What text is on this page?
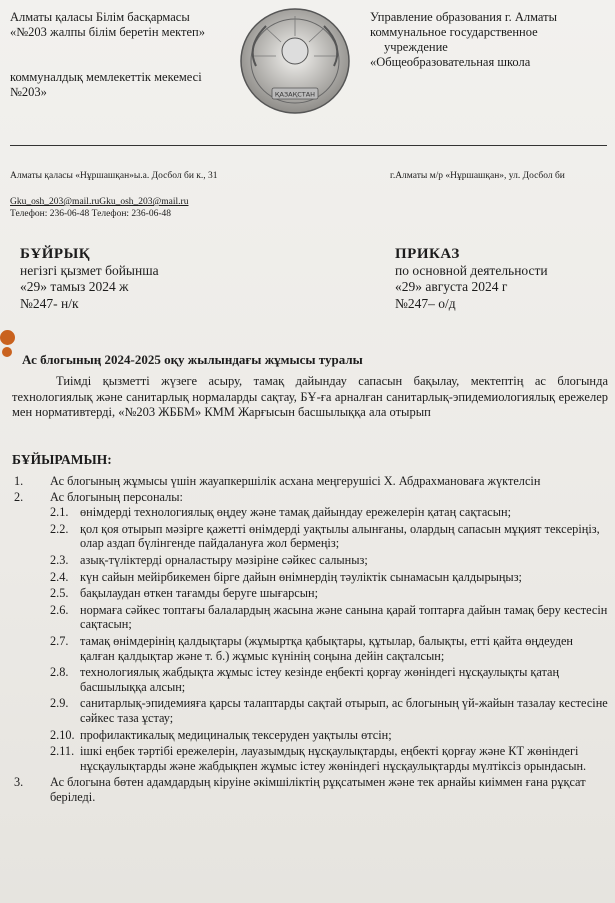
Алматы қаласы Білім басқармасы
«№203 жалпы білім беретін мектеп»
коммуналдық мемлекеттік мекемесі
№203»	ҚАЗАҚСТАН
Управление образования г. Алматы
коммунальное государственное
учреждение
«Общеобразовательная школа
Алматы қаласы «Нұршашқан»ы.а. Досбол би к., 31	г.Алматы м/р «Нұршашқан», ул. Досбол би
Gku_osh_203@mail.ruGku_osh_203@mail.ru
Телефон: 236-06-48 Телефон: 236-06-48
БҰЙРЫҚ
негізгі қызмет бойынша
«29» тамыз 2024 ж
№247- н/к
ПРИКАЗ
по основной деятельности
«29» августа 2024 г
№247– о/д
Ас блогының 2024-2025 оқу жылындағы жұмысы туралы
Тиімді қызметті жүзеге асыру, тамақ дайындау сапасын бақылау, мектептің ас блогында технологиялық және санитарлық нормаларды сақтау, БҰ-ға арналған санитарлық-эпидемиологиялық ережелер мен нормативтерді, «№203 ЖББМ» КММ Жарғысын басшылыққа ала отырып
БҰЙЫРАМЫН:
1.	Ас блогының жұмысы үшін жауапкершілік асхана меңгерушісі Х. Абдрахмановаға жүктелсін
2.	Ас блогының персоналы:
2.1. өнімдерді технологиялық өңдеу және тамақ дайындау ережелерін қатаң сақтасын;
2.2. қол қоя отырып мәзірге қажетті өнімдерді уақтылы алынғаны, олардың сапасын мұқият тексеріңіз, олар аздап бүлінгенде пайдалануға жол бермеңіз;
2.3. азық-түліктерді орналастыру мәзіріне сәйкес салыныз;
2.4. күн сайын мейірбикемен бірге дайын өнімнердің тәуліктік сынамасын қалдырыңыз;
2.5. бақылаудан өткен тағамды беруге шығарсын;
2.6. нормаға сәйкес топтағы балалардың жасына және санына қарай топтарға дайын тамақ беру кестесін сақтасын;
2.7. тамақ өнімдерінің қалдықтары (жұмыртқа қабықтары, құтылар, балықты, етті қайта өңдеуден қалған қалдықтар және т. б.) жұмыс күнінің соңына дейін сақталсын;
2.8. технологиялық жабдықта жұмыс істеу кезінде еңбекті қорғау жөніндегі нұсқаулықты қатаң басшылыққа алсын;
2.9. санитарлық-эпидемияға қарсы талаптарды сақтай отырып, ас блогының үй-жайын тазалау кестесіне сәйкес таза ұстау;
2.10. профилактикалық медициналық тексеруден уақтылы өтсін;
2.11. ішкі еңбек тәртібі ережелерін, лауазымдық нұсқаулықтарды, еңбекті қорғау және КТ жөніндегі нұсқаулықтарды және жабдықпен жұмыс істеу жөніндегі нұсқаулықтарды мүлтіксіз орындасын.
3.	Ас блогына бөтен адамдардың кіруіне әкімшіліктің рұқсатымен және тек арнайы киіммен ғана рұқсат беріледі.
